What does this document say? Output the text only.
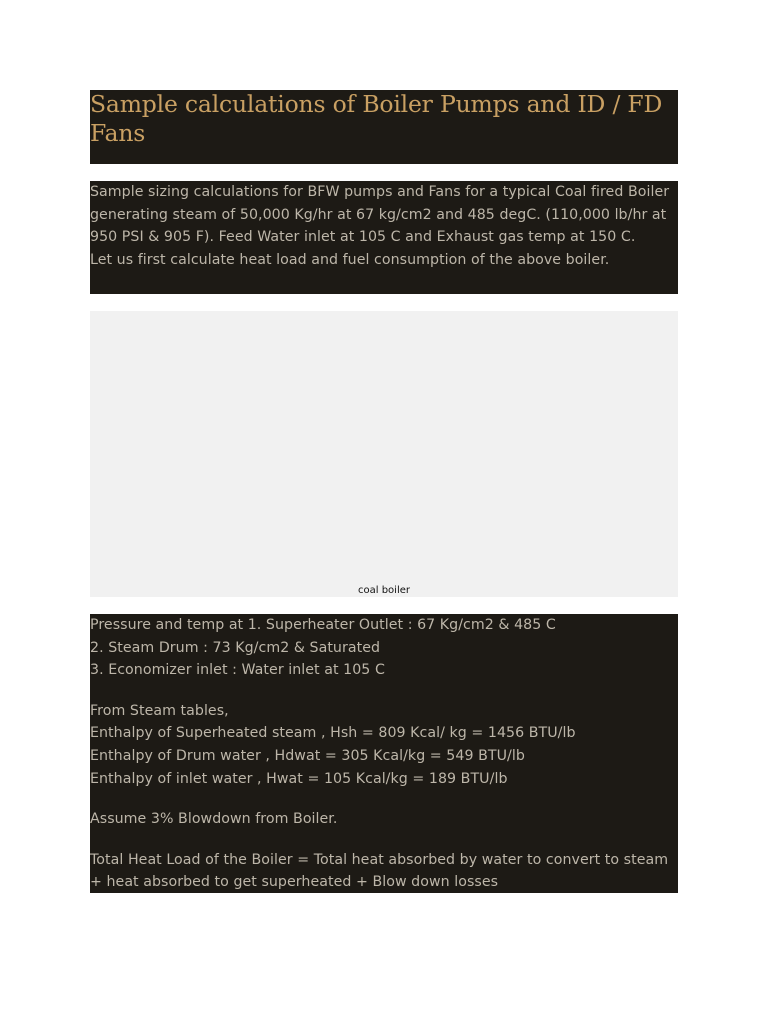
Sample calculations of Boiler Pumps and ID / FD Fans

Sample sizing calculations for BFW pumps and Fans for a typical Coal fired Boiler generating steam of 50,000 Kg/hr at 67 kg/cm2 and 485 degC. (110,000 lb/hr at 950 PSI & 905 F). Feed Water inlet at 105 C and Exhaust gas temp at 150 C.

Let us first calculate heat load and fuel consumption of the above boiler.

coal boiler

Pressure and temp at 1. Superheater Outlet : 67 Kg/cm2 & 485 C

2. Steam Drum : 73 Kg/cm2 & Saturated

3. Economizer inlet : Water inlet at 105 C

From Steam tables,

Enthalpy of Superheated steam , Hsh = 809 Kcal/ kg = 1456 BTU/lb

Enthalpy of Drum water , Hdwat = 305 Kcal/kg = 549 BTU/lb

Enthalpy of inlet water , Hwat = 105 Kcal/kg = 189 BTU/lb

Assume 3% Blowdown from Boiler.

Total Heat Load of the Boiler = Total heat absorbed by water to convert to steam + heat absorbed to get superheated + Blow down losses
